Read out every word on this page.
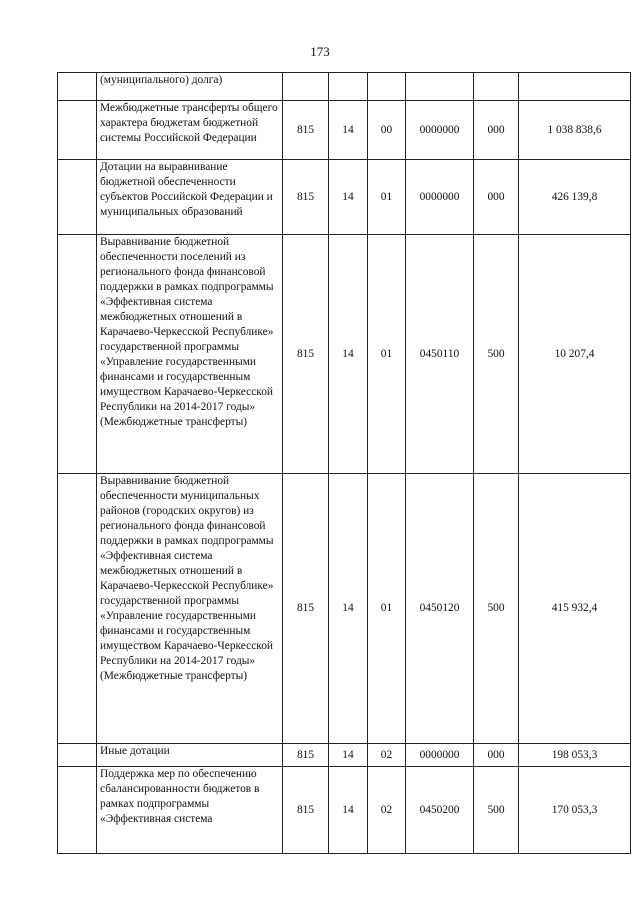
173
	(муниципального) долга)						
	Межбюджетные трансферты общего характера бюджетам бюджетной системы Российской Федерации	815	14	00	0000000	000	1 038 838,6
	Дотации на выравнивание бюджетной обеспеченности субъектов Российской Федерации и муниципальных образований	815	14	01	0000000	000	426 139,8
	Выравнивание бюджетной обеспеченности поселений из регионального фонда финансовой поддержки в рамках подпрограммы «Эффективная система межбюджетных отношений в Карачаево-Черкесской Республике» государственной программы «Управление государственными финансами и государственным имуществом Карачаево-Черкесской Республики на 2014-2017 годы» (Межбюджетные трансферты)	815	14	01	0450110	500	10 207,4
	Выравнивание бюджетной обеспеченности муниципальных районов (городских округов) из регионального фонда финансовой поддержки в рамках подпрограммы «Эффективная система межбюджетных отношений в Карачаево-Черкесской Республике» государственной программы «Управление государственными финансами и государственным имуществом Карачаево-Черкесской Республики на 2014-2017 годы» (Межбюджетные трансферты)	815	14	01	0450120	500	415 932,4
	Иные дотации	815	14	02	0000000	000	198 053,3
	Поддержка мер по обеспечению сбалансированности бюджетов в рамках подпрограммы «Эффективная система	815	14	02	0450200	500	170 053,3
